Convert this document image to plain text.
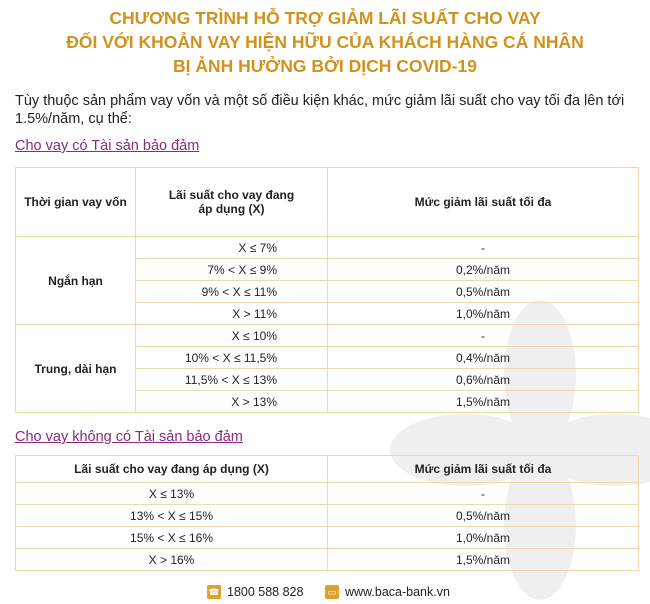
CHƯƠNG TRÌNH HỖ TRỢ GIẢM LÃI SUẤT CHO VAY
ĐỐI VỚI KHOẢN VAY HIỆN HỮU CỦA KHÁCH HÀNG CÁ NHÂN
BỊ ẢNH HƯỞNG BỞI DỊCH COVID-19
Tùy thuộc sản phẩm vay vốn và một số điều kiện khác, mức giảm lãi suất cho vay tối đa lên tới 1.5%/năm, cụ thể:
Cho vay có Tài sản bảo đảm
Thời gian vay vốn	Lãi suất cho vay đang áp dụng (X)	Mức giảm lãi suất tối đa
Ngắn hạn	X ≤ 7%	-
	7% < X ≤ 9%	0,2%/năm
	9% < X ≤ 11%	0,5%/năm
	X > 11%	1,0%/năm
Trung, dài hạn	X ≤ 10%	-
	10% < X ≤ 11,5%	0,4%/năm
	11,5% < X ≤ 13%	0,6%/năm
	X > 13%	1,5%/năm
Cho vay không có Tài sản bảo đảm
Lãi suất cho vay đang áp dụng (X)	Mức giảm lãi suất tối đa
X ≤ 13%	-
13% < X ≤ 15%	0,5%/năm
15% < X ≤ 16%	1,0%/năm
X > 16%	1,5%/năm
☎ 1800 588 828	▭ www.baca-bank.vn
